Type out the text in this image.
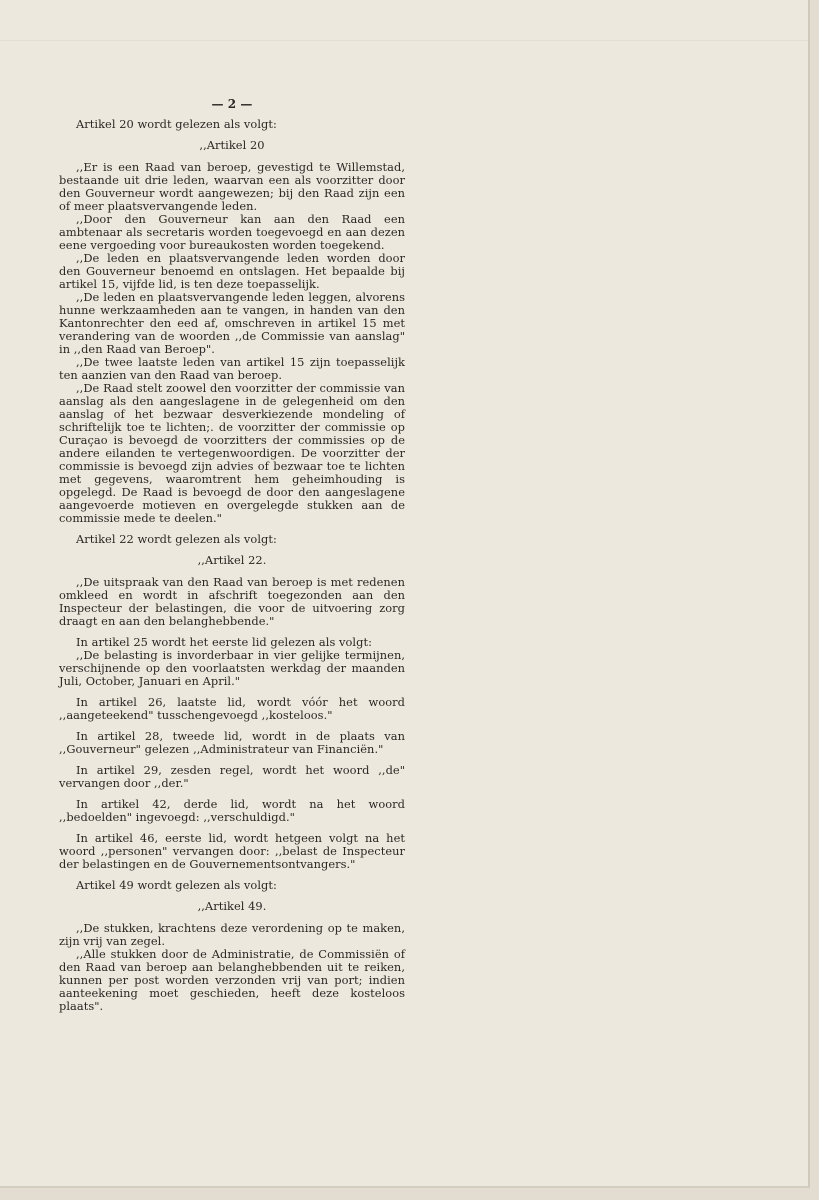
— 2 —

Artikel 20 wordt gelezen als volgt:

,,Artikel 20

,,Er is een Raad van beroep, gevestigd te Willemstad, bestaande uit drie leden, waarvan een als voorzitter door den Gouverneur wordt aangewezen; bij den Raad zijn een of meer plaatsvervangende leden.

,,Door den Gouverneur kan aan den Raad een ambtenaar als secretaris worden toegevoegd en aan dezen eene vergoeding voor bureaukosten worden toegekend.

,,De leden en plaatsvervangende leden worden door den Gouverneur benoemd en ontslagen. Het bepaalde bij artikel 15, vijfde lid, is ten deze toepasselijk.

,,De leden en plaatsvervangende leden leggen, alvorens hunne werkzaamheden aan te vangen, in handen van den Kantonrechter den eed af, omschreven in artikel 15 met verandering van de woorden ,,de Commissie van aanslag" in ,,den Raad van Beroep".

,,De twee laatste leden van artikel 15 zijn toepasselijk ten aanzien van den Raad van beroep.

,,De Raad stelt zoowel den voorzitter der commissie van aanslag als den aangeslagene in de gelegenheid om den aanslag of het bezwaar desverkiezende mondeling of schriftelijk toe te lichten;. de voorzitter der commissie op Curaçao is bevoegd de voorzitters der commissies op de andere eilanden te vertegenwoordigen. De voorzitter der commissie is bevoegd zijn advies of bezwaar toe te lichten met gegevens, waaromtrent hem geheimhouding is opgelegd. De Raad is bevoegd de door den aangeslagene aangevoerde motieven en overgelegde stukken aan de commissie mede te deelen."

Artikel 22 wordt gelezen als volgt:

,,Artikel 22.

,,De uitspraak van den Raad van beroep is met redenen omkleed en wordt in afschrift toegezonden aan den Inspecteur der belastingen, die voor de uitvoering zorg draagt en aan den belanghebbende."

In artikel 25 wordt het eerste lid gelezen als volgt:

,,De belasting is invorderbaar in vier gelijke termijnen, verschijnende op den voorlaatsten werkdag der maanden Juli, October, Januari en April."

In artikel 26, laatste lid, wordt vóór het woord ,,aangeteekend" tusschengevoegd ,,kosteloos."

In artikel 28, tweede lid, wordt in de plaats van ,,Gouverneur" gelezen ,,Administrateur van Financiën."

In artikel 29, zesden regel, wordt het woord ,,de" vervangen door ,,der."

In artikel 42, derde lid, wordt na het woord ,,bedoelden" ingevoegd: ,,verschuldigd."

In artikel 46, eerste lid, wordt hetgeen volgt na het woord ,,personen" vervangen door: ,,belast de Inspecteur der belastingen en de Gouvernementsontvangers."

Artikel 49 wordt gelezen als volgt:

,,Artikel 49.

,,De stukken, krachtens deze verordening op te maken, zijn vrij van zegel.

,,Alle stukken door de Administratie, de Commissiën of den Raad van beroep aan belanghebbenden uit te reiken, kunnen per post worden verzonden vrij van port; indien aanteekening moet geschieden, heeft deze kosteloos plaats".
